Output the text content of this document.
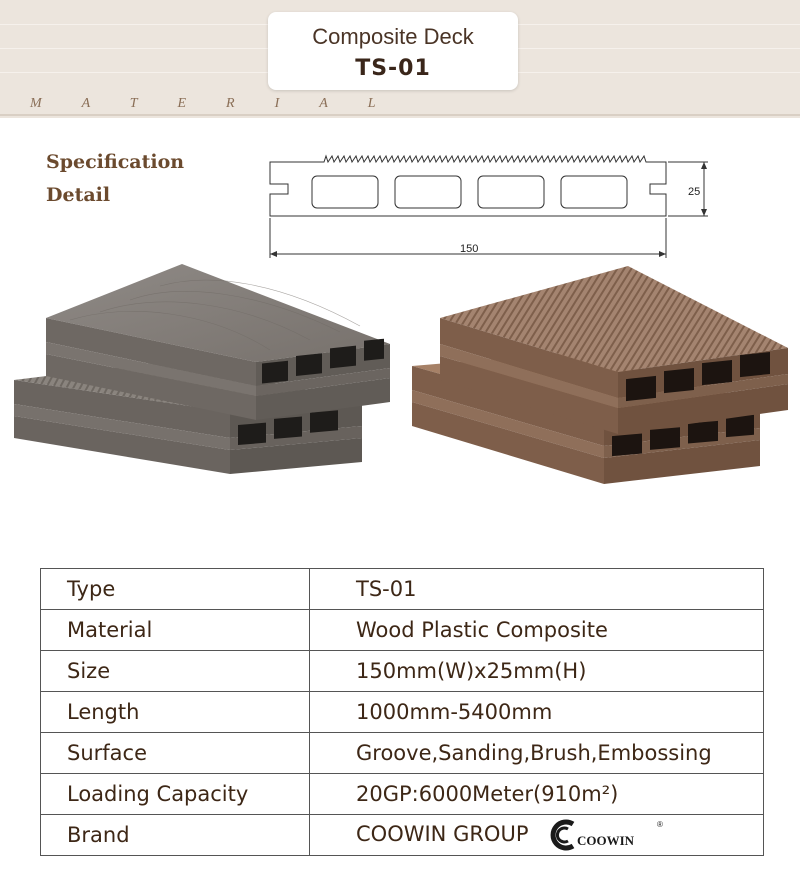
Composite Deck
TS-01
MATERIAL
Specification
Detail	25
150
Type	TS-01
Material	Wood Plastic Composite
Size	150mm(W)x25mm(H)
Length	1000mm-5400mm
Surface	Groove,Sanding,Brush,Embossing
Loading Capacity	20GP:6000Meter(910m²)
Brand	COOWIN GROUP COOWIN
®
